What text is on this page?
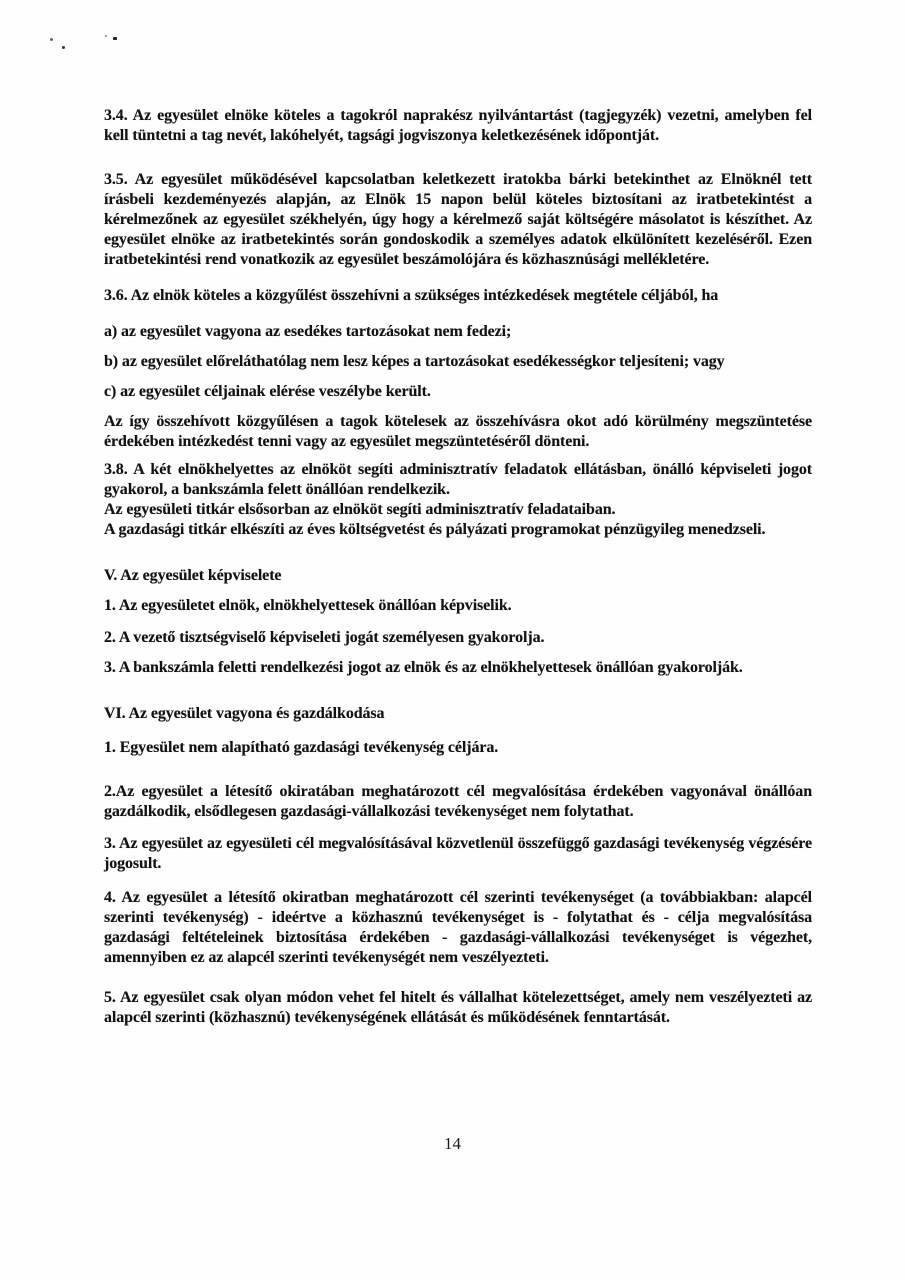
3.4. Az egyesület elnöke köteles a tagokról naprakész nyilvántartást (tagjegyzék) vezetni, amelyben fel kell tüntetni a tag nevét, lakóhelyét, tagsági jogviszonya keletkezésének időpontját.

3.5. Az egyesület működésével kapcsolatban keletkezett iratokba bárki betekinthet az Elnöknél tett írásbeli kezdeményezés alapján, az Elnök 15 napon belül köteles biztosítani az iratbetekintést a kérelmezőnek az egyesület székhelyén, úgy hogy a kérelmező saját költségére másolatot is készíthet. Az egyesület elnöke az iratbetekintés során gondoskodik a személyes adatok elkülönített kezeléséről. Ezen iratbetekintési rend vonatkozik az egyesület beszámolójára és közhasznúsági mellékletére.

3.6. Az elnök köteles a közgyűlést összehívni a szükséges intézkedések megtétele céljából, ha

a) az egyesület vagyona az esedékes tartozásokat nem fedezi;

b) az egyesület előreláthatólag nem lesz képes a tartozásokat esedékességkor teljesíteni; vagy

c) az egyesület céljainak elérése veszélybe került.

Az így összehívott közgyűlésen a tagok kötelesek az összehívásra okot adó körülmény megszüntetése érdekében intézkedést tenni vagy az egyesület megszüntetéséről dönteni.

3.8. A két elnökhelyettes az elnököt segíti adminisztratív feladatok ellátásban, önálló képviseleti jogot gyakorol, a bankszámla felett önállóan rendelkezik.

Az egyesületi titkár elsősorban az elnököt segíti adminisztratív feladataiban.

A gazdasági titkár elkészíti az éves költségvetést és pályázati programokat pénzügyileg menedzseli.

V. Az egyesület képviselete

1. Az egyesületet elnök, elnökhelyettesek önállóan képviselik.

2. A vezető tisztségviselő képviseleti jogát személyesen gyakorolja.

3. A bankszámla feletti rendelkezési jogot az elnök és az elnökhelyettesek önállóan gyakorolják.

VI. Az egyesület vagyona és gazdálkodása

1. Egyesület nem alapítható gazdasági tevékenység céljára.

2.Az egyesület a létesítő okiratában meghatározott cél megvalósítása érdekében vagyonával önállóan gazdálkodik, elsődlegesen gazdasági-vállalkozási tevékenységet nem folytathat.

3. Az egyesület az egyesületi cél megvalósításával közvetlenül összefüggő gazdasági tevékenység végzésére jogosult.

4. Az egyesület a létesítő okiratban meghatározott cél szerinti tevékenységet (a továbbiakban: alapcél szerinti tevékenység) - ideértve a közhasznú tevékenységet is - folytathat és - célja megvalósítása gazdasági feltételeinek biztosítása érdekében - gazdasági-vállalkozási tevékenységet is végezhet, amennyiben ez az alapcél szerinti tevékenységét nem veszélyezteti.

5. Az egyesület csak olyan módon vehet fel hitelt és vállalhat kötelezettséget, amely nem veszélyezteti az alapcél szerinti (közhasznú) tevékenységének ellátását és működésének fenntartását.

14
